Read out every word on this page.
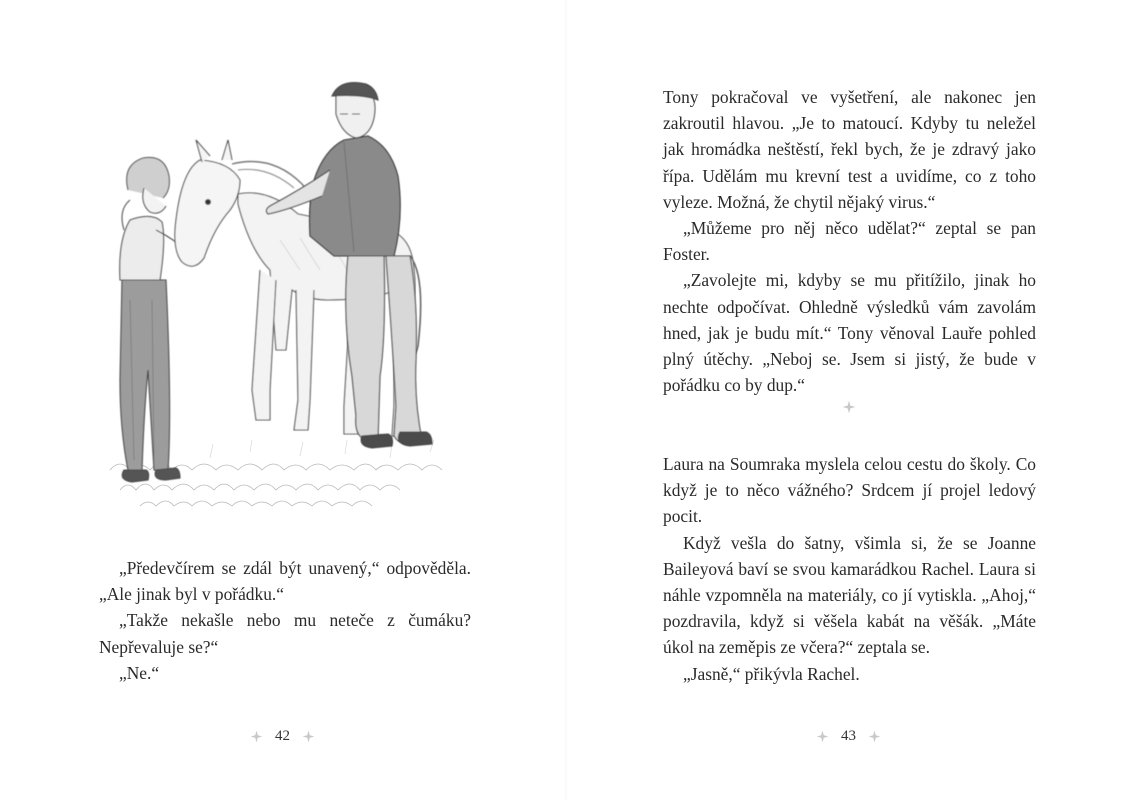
„Předevčírem se zdál být unavený,“ odpověděla. „Ale jinak byl v pořádku.“

„Takže nekašle nebo mu neteče z čumáku? Nepřevaluje se?“

„Ne.“

42

Tony pokračoval ve vyšetření, ale nakonec jen zakroutil hlavou. „Je to matoucí. Kdyby tu neležel jak hromádka neštěstí, řekl bych, že je zdravý jako řípa. Udělám mu krevní test a uvidíme, co z toho vyleze. Možná, že chytil nějaký virus.“

„Můžeme pro něj něco udělat?“ zeptal se pan Foster.

„Zavolejte mi, kdyby se mu přitížilo, jinak ho nechte odpočívat. Ohledně výsledků vám zavolám hned, jak je budu mít.“ Tony věnoval Lauře pohled plný útěchy. „Neboj se. Jsem si jistý, že bude v pořádku co by dup.“

Laura na Soumraka myslela celou cestu do školy. Co když je to něco vážného? Srdcem jí projel ledový pocit.

Když vešla do šatny, všimla si, že se Joanne Baileyová baví se svou kamarádkou Rachel. Laura si náhle vzpomněla na materiály, co jí vytiskla. „Ahoj,“ pozdravila, když si věšela kabát na věšák. „Máte úkol na zeměpis ze včera?“ zeptala se.

„Jasně,“ přikývla Rachel.

43
